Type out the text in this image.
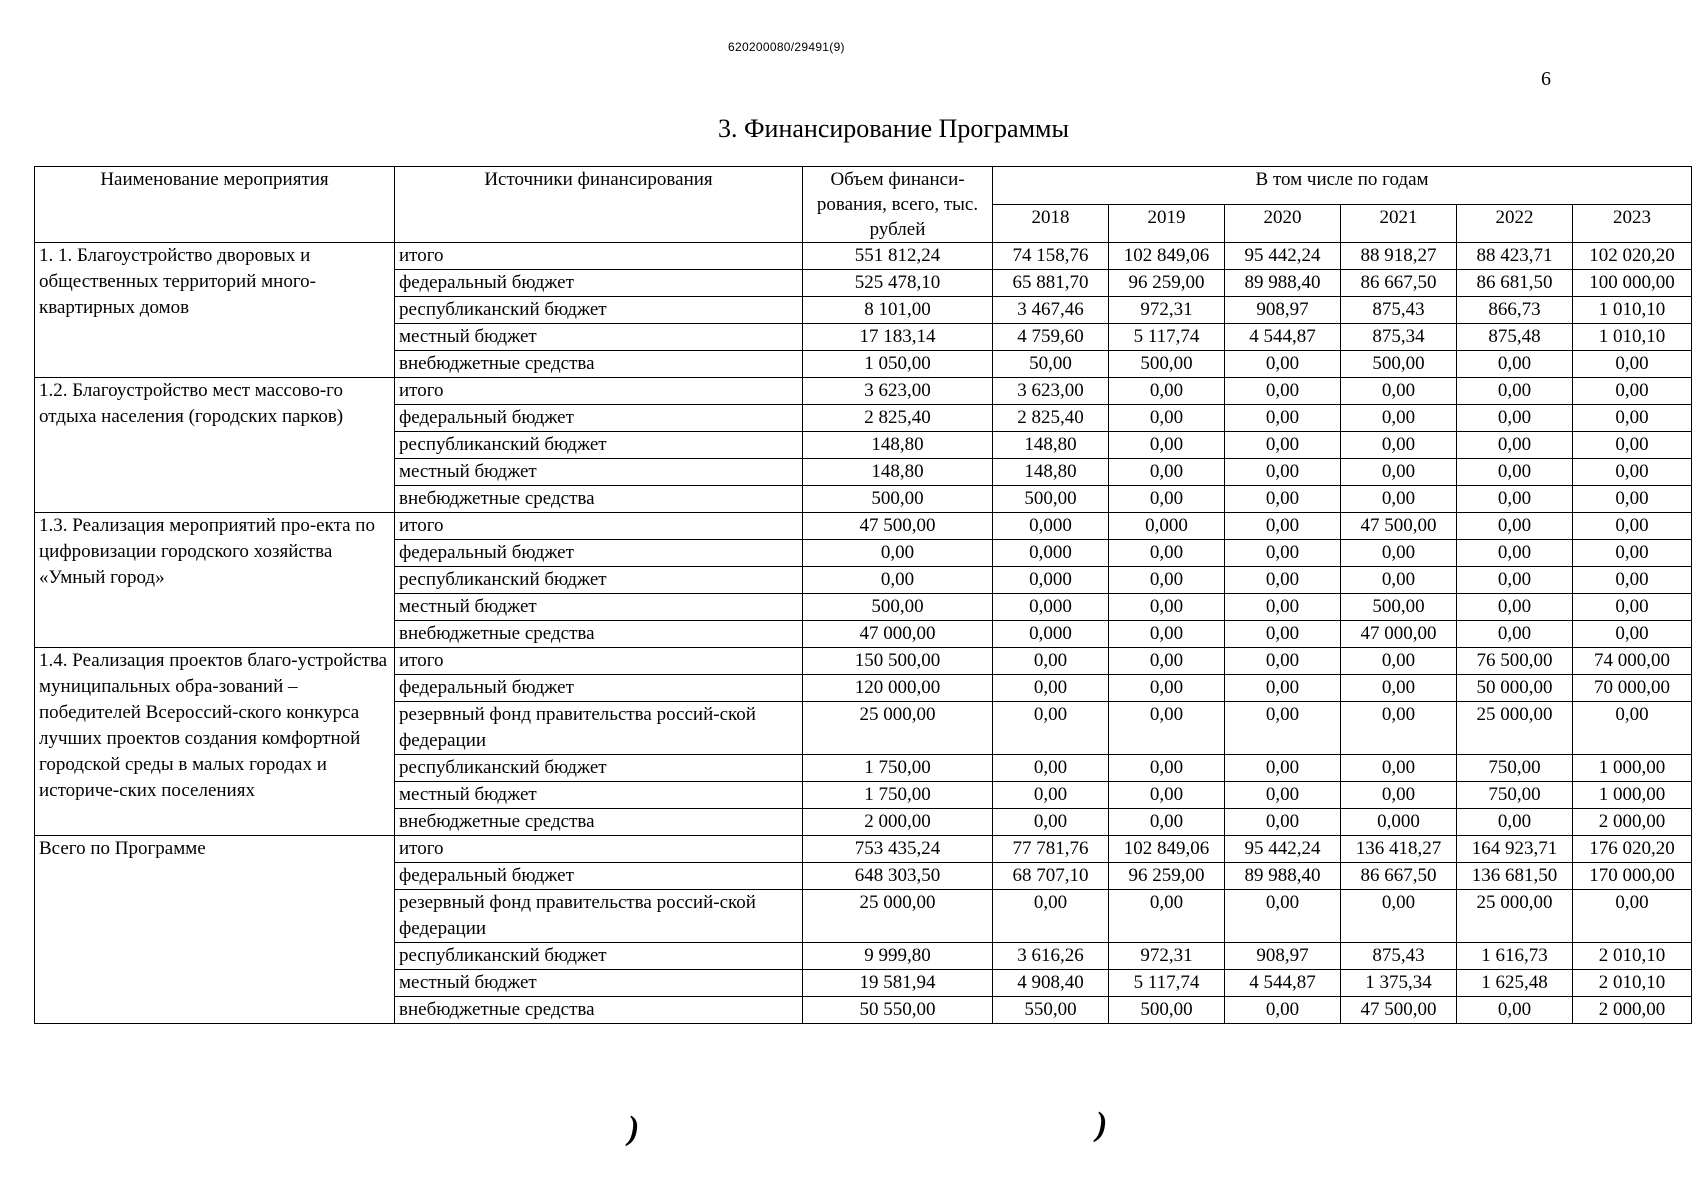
620200080/29491(9)
6
3. Финансирование Программы
Наименование мероприятия	Источники финансирования	Объем финанси-рования, всего, тыс. рублей	В том числе по годам					
			2018	2019	2020	2021	2022	2023
1. 1. Благоустройство дворовых и общественных территорий много-квартирных домов	итого	551 812,24	74 158,76	102 849,06	95 442,24	88 918,27	88 423,71	102 020,20
	федеральный бюджет	525 478,10	65 881,70	96 259,00	89 988,40	86 667,50	86 681,50	100 000,00
	республиканский бюджет	8 101,00	3 467,46	972,31	908,97	875,43	866,73	1 010,10
	местный бюджет	17 183,14	4 759,60	5 117,74	4 544,87	875,34	875,48	1 010,10
	внебюджетные средства	1 050,00	50,00	500,00	0,00	500,00	0,00	0,00
1.2. Благоустройство мест массово-го отдыха населения (городских парков)	итого	3 623,00	3 623,00	0,00	0,00	0,00	0,00	0,00
	федеральный бюджет	2 825,40	2 825,40	0,00	0,00	0,00	0,00	0,00
	республиканский бюджет	148,80	148,80	0,00	0,00	0,00	0,00	0,00
	местный бюджет	148,80	148,80	0,00	0,00	0,00	0,00	0,00
	внебюджетные средства	500,00	500,00	0,00	0,00	0,00	0,00	0,00
1.3. Реализация мероприятий про-екта по цифровизации городского хозяйства «Умный город»	итого	47 500,00	0,000	0,000	0,00	47 500,00	0,00	0,00
	федеральный бюджет	0,00	0,000	0,00	0,00	0,00	0,00	0,00
	республиканский бюджет	0,00	0,000	0,00	0,00	0,00	0,00	0,00
	местный бюджет	500,00	0,000	0,00	0,00	500,00	0,00	0,00
	внебюджетные средства	47 000,00	0,000	0,00	0,00	47 000,00	0,00	0,00
1.4. Реализация проектов благо-устройства муниципальных обра-зований – победителей Всероссий-ского конкурса лучших проектов создания комфортной городской среды в малых городах и историче-ских поселениях	итого	150 500,00	0,00	0,00	0,00	0,00	76 500,00	74 000,00
	федеральный бюджет	120 000,00	0,00	0,00	0,00	0,00	50 000,00	70 000,00
	резервный фонд правительства россий-ской федерации	25 000,00	0,00	0,00	0,00	0,00	25 000,00	0,00
	республиканский бюджет	1 750,00	0,00	0,00	0,00	0,00	750,00	1 000,00
	местный бюджет	1 750,00	0,00	0,00	0,00	0,00	750,00	1 000,00
	внебюджетные средства	2 000,00	0,00	0,00	0,00	0,000	0,00	2 000,00
Всего по Программе	итого	753 435,24	77 781,76	102 849,06	95 442,24	136 418,27	164 923,71	176 020,20
	федеральный бюджет	648 303,50	68 707,10	96 259,00	89 988,40	86 667,50	136 681,50	170 000,00
	резервный фонд правительства россий-ской федерации	25 000,00	0,00	0,00	0,00	0,00	25 000,00	0,00
	республиканский бюджет	9 999,80	3 616,26	972,31	908,97	875,43	1 616,73	2 010,10
	местный бюджет	19 581,94	4 908,40	5 117,74	4 544,87	1 375,34	1 625,48	2 010,10
	внебюджетные средства	50 550,00	550,00	500,00	0,00	47 500,00	0,00	2 000,00
)	)
